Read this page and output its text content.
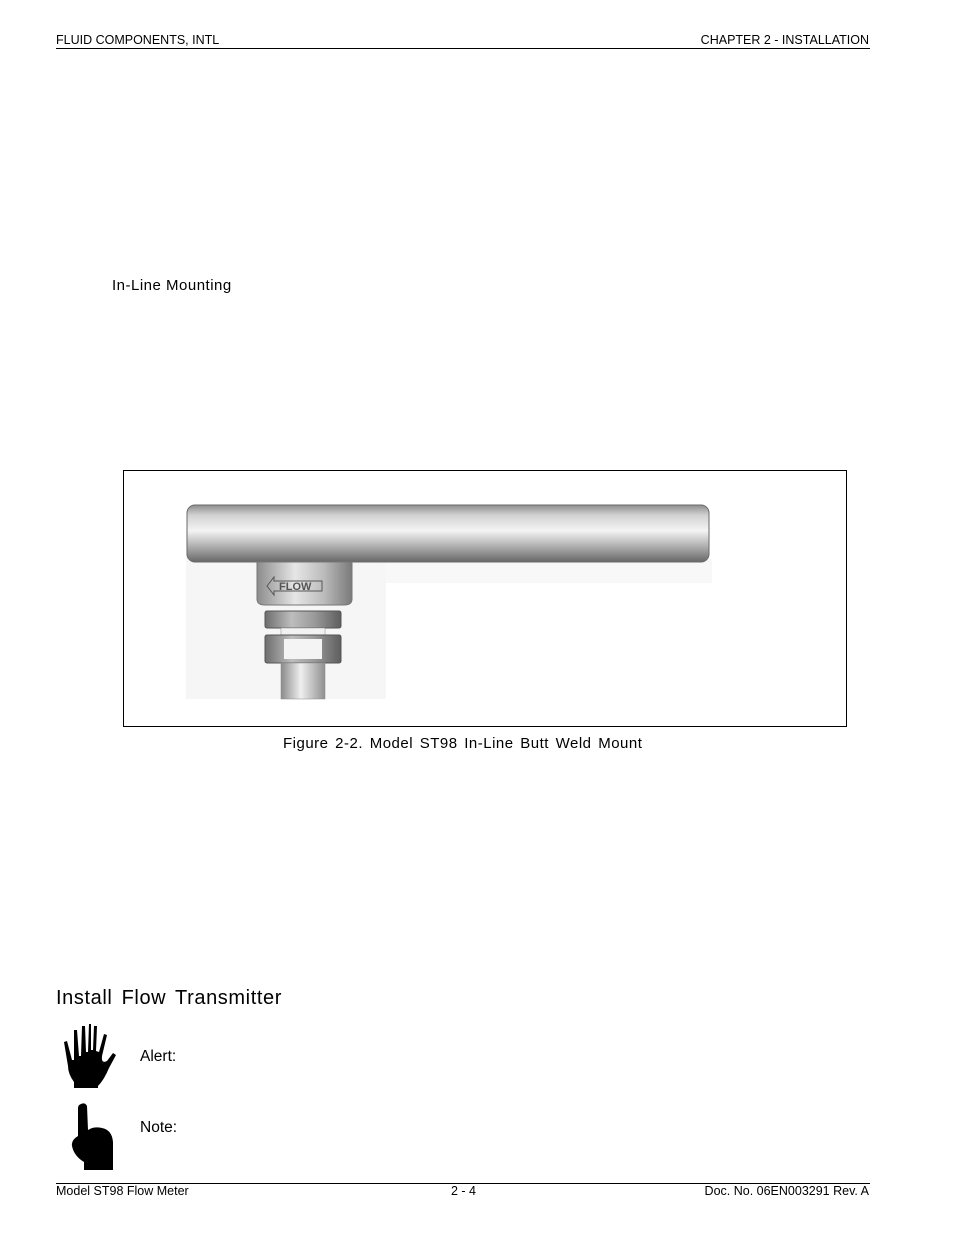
FLUID COMPONENTS, INTL	CHAPTER 2 - INSTALLATION
In-Line Mounting
FLOW
Figure 2-2. Model ST98 In-Line Butt Weld Mount
Install Flow Transmitter
Alert:
Note:
Model ST98 Flow Meter	2 - 4	Doc. No. 06EN003291 Rev. A
